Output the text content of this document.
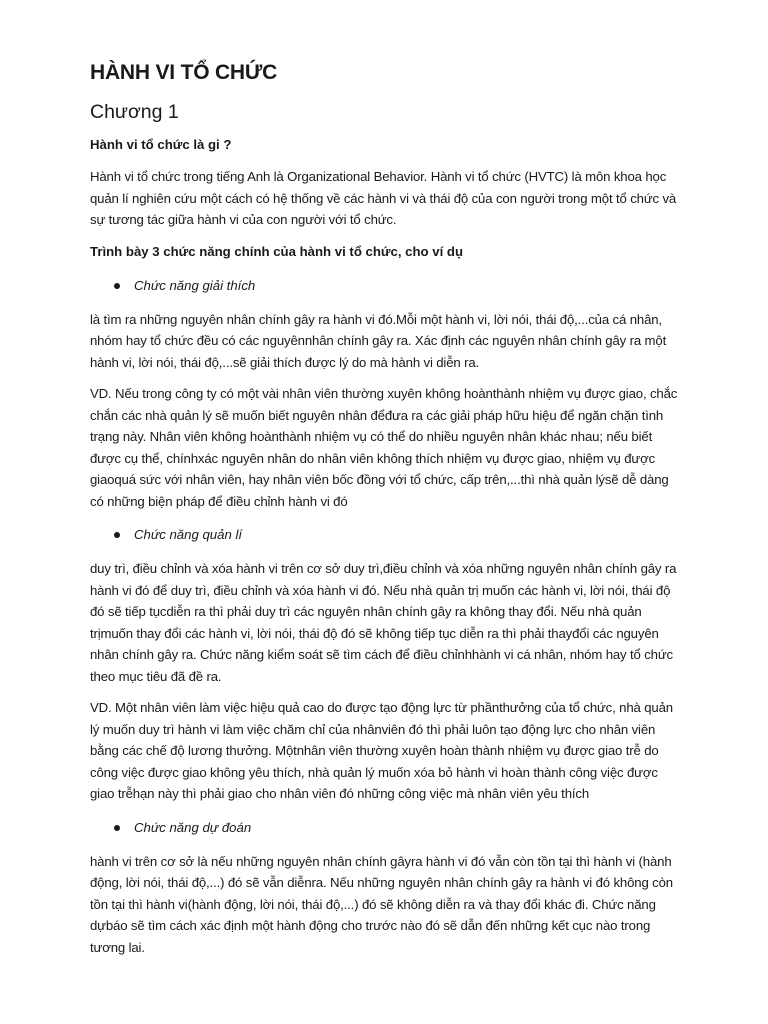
HÀNH VI TỔ CHỨC
Chương 1

Hành vi tổ chức là gi ?

Hành vi tổ chức trong tiếng Anh là Organizational Behavior. Hành vi tổ chức (HVTC) là môn khoa học quản lí nghiên cứu một cách có hệ thống về các hành vi và thái độ của con người trong một tổ chức và sự tương tác giữa hành vi của con người với tổ chức.

Trình bày 3 chức năng chính của hành vi tổ chức, cho ví dụ

Chức năng giải thích

là tìm ra những nguyên nhân chính gây ra hành vi đó.Mỗi một hành vi, lời nói, thái độ,...của cá nhân, nhóm hay tổ chức đều có các nguyênnhân chính gây ra. Xác định các nguyên nhân chính gây ra một hành vi, lời nói, thái độ,...sẽ giải thích được lý do mà hành vi diễn ra.

VD. Nếu trong công ty có một vài nhân viên thường xuyên không hoànthành nhiệm vụ được giao, chắc chắn các nhà quản lý sẽ muốn biết nguyên nhân đểđưa ra các giải pháp hữu hiệu để ngăn chặn tình trạng này. Nhân viên không hoànthành nhiệm vụ có thể do nhiều nguyên nhân khác nhau; nếu biết được cụ thể, chínhxác nguyên nhân do nhân viên không thích nhiệm vụ được giao, nhiệm vụ được giaoquá sức với nhân viên, hay nhân viên bốc đồng với tổ chức, cấp trên,...thì nhà quản lýsẽ dễ dàng có những biện pháp để điều chỉnh hành vi đó

Chức năng quản lí

duy trì, điều chỉnh và xóa hành vi trên cơ sở duy trì,điều chỉnh và xóa những nguyên nhân chính gây ra hành vi đó để duy trì, điều chỉnh và xóa hành vi đó. Nếu nhà quản trị muốn các hành vi, lời nói, thái độ đó sẽ tiếp tụcdiễn ra thì phải duy trì các nguyên nhân chính gây ra không thay đổi. Nếu nhà quản trịmuốn thay đổi các hành vi, lời nói, thái độ đó sẽ không tiếp tục diễn ra thì phải thayđổi các nguyên nhân chính gây ra. Chức năng kiểm soát sẽ tìm cách để điều chỉnhhành vi cá nhân, nhóm hay tổ chức theo mục tiêu đã đề ra.

VD. Một nhân viên làm việc hiệu quả cao do được tạo động lực từ phầnthưởng của tổ chức, nhà quản lý muốn duy trì hành vi làm việc chăm chỉ của nhânviên đó thì phải luôn tạo động lực cho nhân viên bằng các chế độ lương thưởng. Mộtnhân viên thường xuyên hoàn thành nhiệm vụ được giao trễ do công việc được giao không yêu thích, nhà quản lý muốn xóa bỏ hành vi hoàn thành công việc được giao trễhạn này thì phải giao cho nhân viên đó những công việc mà nhân viên yêu thích

Chức năng dự đoán

hành vi trên cơ sở là nếu những nguyên nhân chính gâyra hành vi đó vẫn còn tồn tại thì hành vi (hành động, lời nói, thái độ,...) đó sẽ vẫn diễnra. Nếu những nguyên nhân chính gây ra hành vi đó không còn tồn tại thì hành vi(hành động, lời nói, thái độ,...) đó sẽ không diễn ra và thay đổi khác đi. Chức năng dựbáo sẽ tìm cách xác định một hành động cho trước nào đó sẽ dẫn đến những kết cục nào trong tương lai.
